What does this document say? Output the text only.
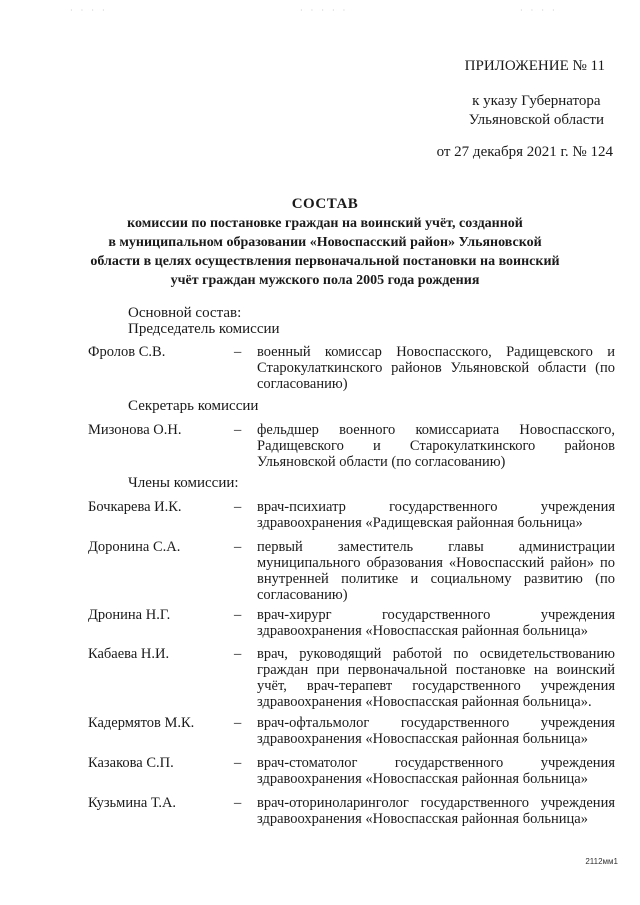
· · · ·	· · · · ·	· · · ·
ПРИЛОЖЕНИЕ № 11
к указу Губернатора
Ульяновской области
от 27 декабря 2021 г. № 124
СОСТАВ
комиссии по постановке граждан на воинский учёт, созданной
в муниципальном образовании «Новоспасский район» Ульяновской
области в целях осуществления первоначальной постановки на воинский
учёт граждан мужского пола 2005 года рождения
Основной состав:
Председатель комиссии
Фролов С.В.	– военный комиссар Новоспасского, Радищевского и Старокулаткинского районов Ульяновской области (по согласованию)
Секретарь комиссии
Мизонова О.Н.	– фельдшер военного комиссариата Новоспасского, Радищевского и Старокулаткинского районов Ульяновской области (по согласованию)
Члены комиссии:
Бочкарева И.К.	– врач-психиатр государственного учреждения здравоохранения «Радищевская районная больница»
Доронина С.А.	– первый заместитель главы администрации муниципального образования «Новоспасский район» по внутренней политике и социальному развитию (по согласованию)
Дронина Н.Г.	– врач-хирург государственного учреждения здравоохранения «Новоспасская районная больница»
Кабаева Н.И.	– врач, руководящий работой по освидетельствованию граждан при первоначальной постановке на воинский учёт, врач-терапевт государственного учреждения здравоохранения «Новоспасская районная больница».
Кадермятов М.К.	– врач-офтальмолог государственного учреждения здравоохранения «Новоспасская районная больница»
Казакова С.П.	– врач-стоматолог государственного учреждения здравоохранения «Новоспасская районная больница»
Кузьмина Т.А.	– врач-оториноларинголог государственного учреждения здравоохранения «Новоспасская районная больница»
2112мм1
